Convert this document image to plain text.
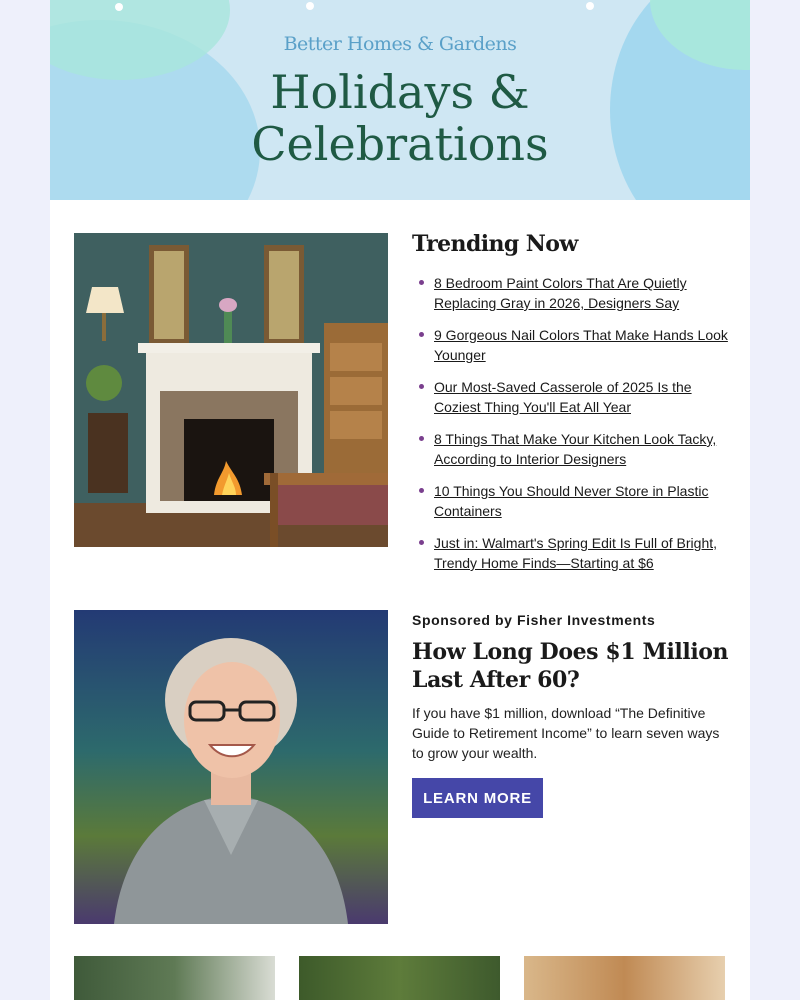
Better Homes & Gardens
Holidays &
Celebrations
Trending Now
8 Bedroom Paint Colors That Are Quietly Replacing Gray in 2026, Designers Say
9 Gorgeous Nail Colors That Make Hands Look Younger
Our Most-Saved Casserole of 2025 Is the Coziest Thing You'll Eat All Year
8 Things That Make Your Kitchen Look Tacky, According to Interior Designers
10 Things You Should Never Store in Plastic Containers
Just in: Walmart's Spring Edit Is Full of Bright, Trendy Home Finds—Starting at $6
Sponsored by Fisher Investments
How Long Does $1 Million Last After 60?
If you have $1 million, download “The Definitive Guide to Retirement Income” to learn seven ways to grow your wealth.
LEARN MORE
